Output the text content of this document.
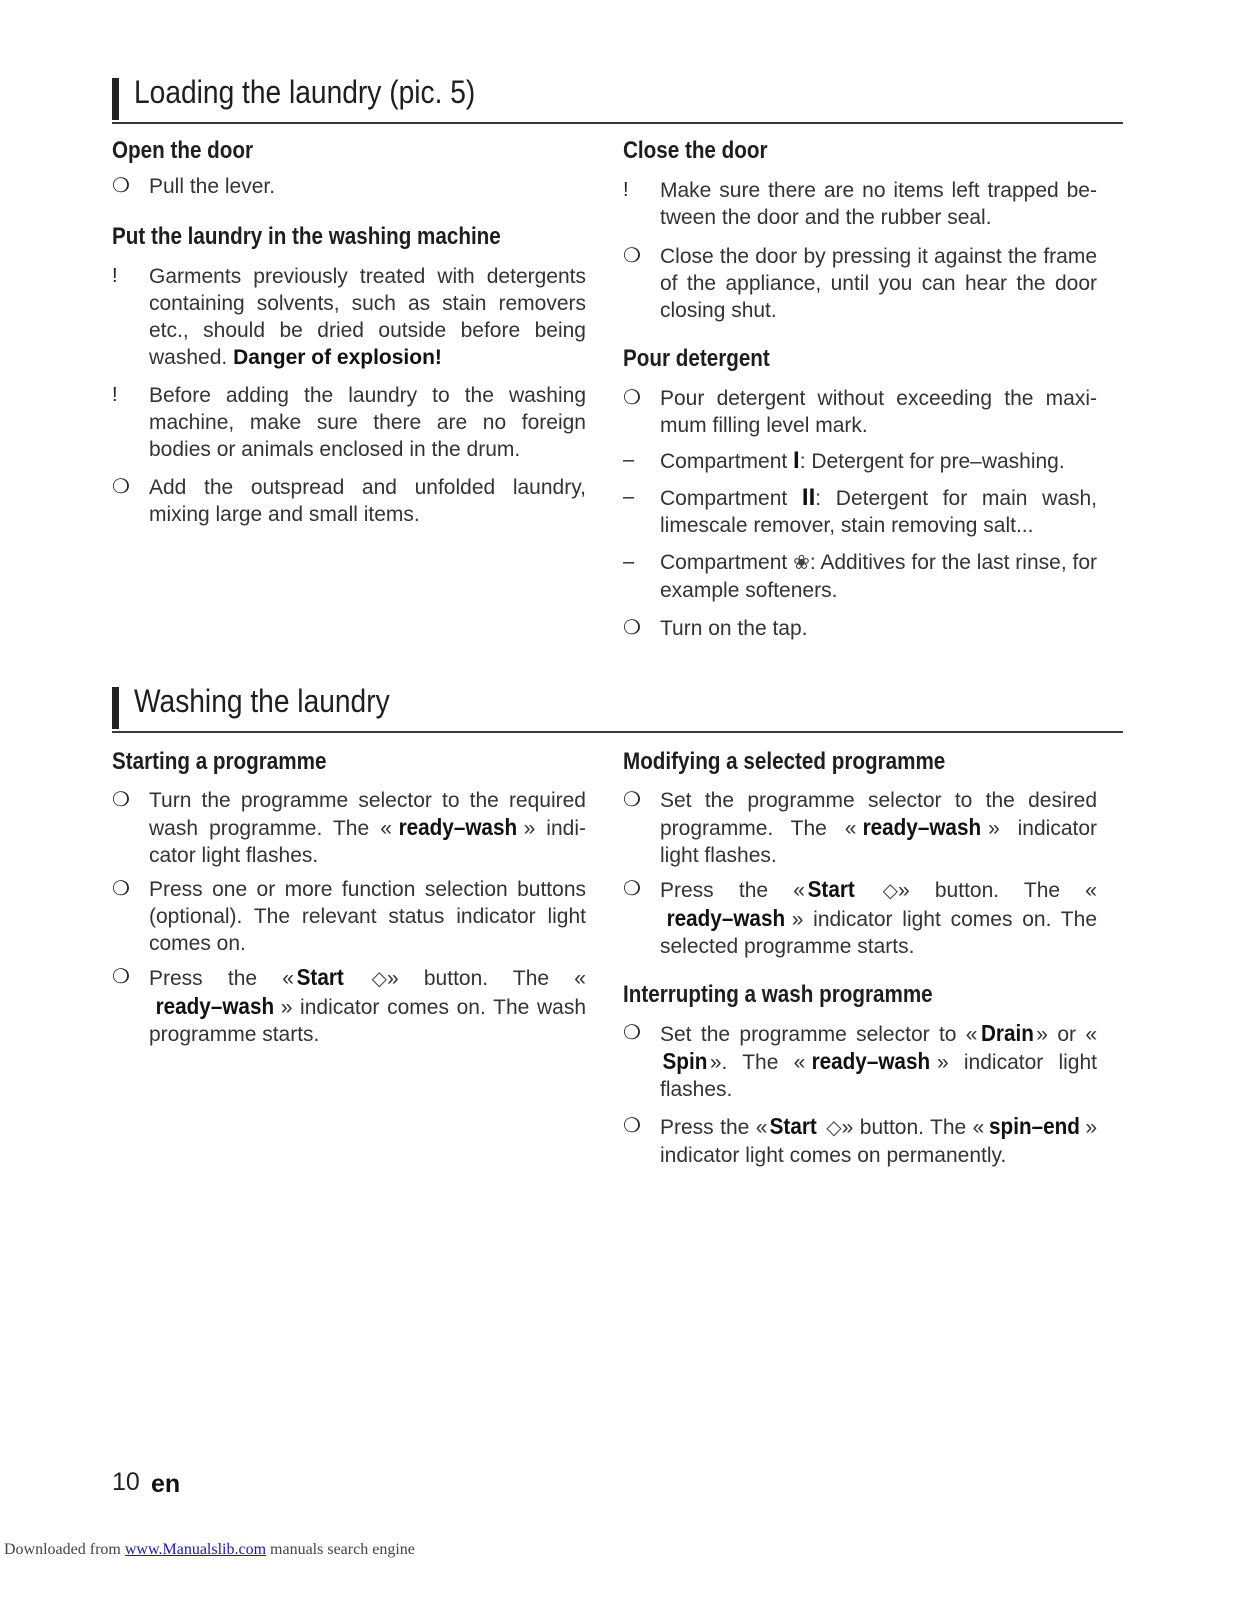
Loading the laundry (pic. 5)
Open the door

❍ Pull the lever.

Put the laundry in the washing machine

!	Garments previously treated with detergents containing solvents, such as stain removers etc., should be dried outside before being washed. Danger of explosion!

!	Before adding the laundry to the washing machine, make sure there are no foreign bodies or animals enclosed in the drum.

❍ Add the outspread and unfolded laundry, mixing large and small items.

Close the door

!	Make sure there are no items left trapped between the door and the rubber seal.

❍ Close the door by pressing it against the frame of the appliance, until you can hear the door closing shut.

Pour detergent

❍ Pour detergent without exceeding the maximum filling level mark.

–	Compartment I: Detergent for pre–washing.

–	Compartment II: Detergent for main wash, limescale remover, stain removing salt...

–	Compartment ❀: Additives for the last rinse, for example softeners.

❍ Turn on the tap.

Washing the laundry
Starting a programme

❍ Turn the programme selector to the required wash programme. The « ready–wash » indicator light flashes.

❍ Press one or more function selection buttons (optional). The relevant status indicator light comes on.

❍ Press the « Start ◇» button. The «ready–wash » indicator comes on. The wash programme starts.

Modifying a selected programme

❍ Set the programme selector to the desired programme. The « ready–wash » indicator light flashes.

❍ Press the « Start ◇» button. The «ready–wash » indicator light comes on. The selected programme starts.

Interrupting a wash programme

❍ Set the programme selector to « Drain » or «Spin ». The « ready–wash » indicator light flashes.

❍ Press the « Start ◇» button. The « spin–end » indicator light comes on permanently.

10 en
Downloaded from www.Manualslib.com manuals search engine
